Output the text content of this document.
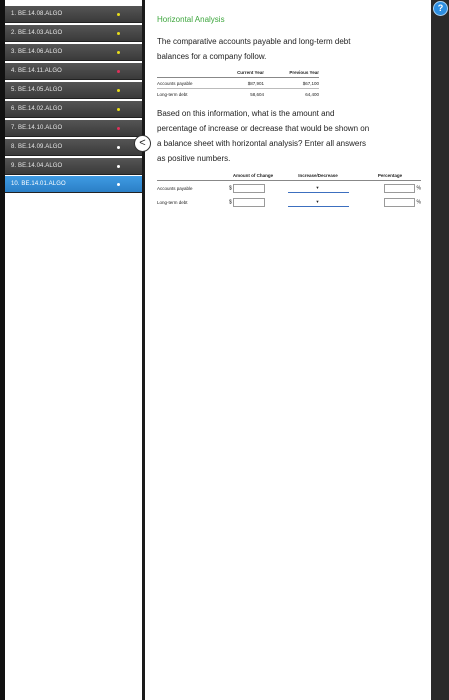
1. BE.14.08.ALGO
2. BE.14.03.ALGO
3. BE.14.06.ALGO
4. BE.14.11.ALGO
5. BE.14.05.ALGO
6. BE.14.02.ALGO
7. BE.14.10.ALGO
8. BE.14.09.ALGO
9. BE.14.04.ALGO
10. BE.14.01.ALGO
<
?
Horizontal Analysis
The comparative accounts payable and long-term debt
balances for a company follow.
	Current Year	Previous Year
Accounts payable	$87,901	$67,100
Long-term debt	58,604	64,400
Based on this information, what is the amount and
percentage of increase or decrease that would be shown on
a balance sheet with horizontal analysis? Enter all answers
as positive numbers.
	Amount of Change	Increase/Decrease	Percentage
Accounts payable	$	▼	%
Long-term debt	$	▼	%
